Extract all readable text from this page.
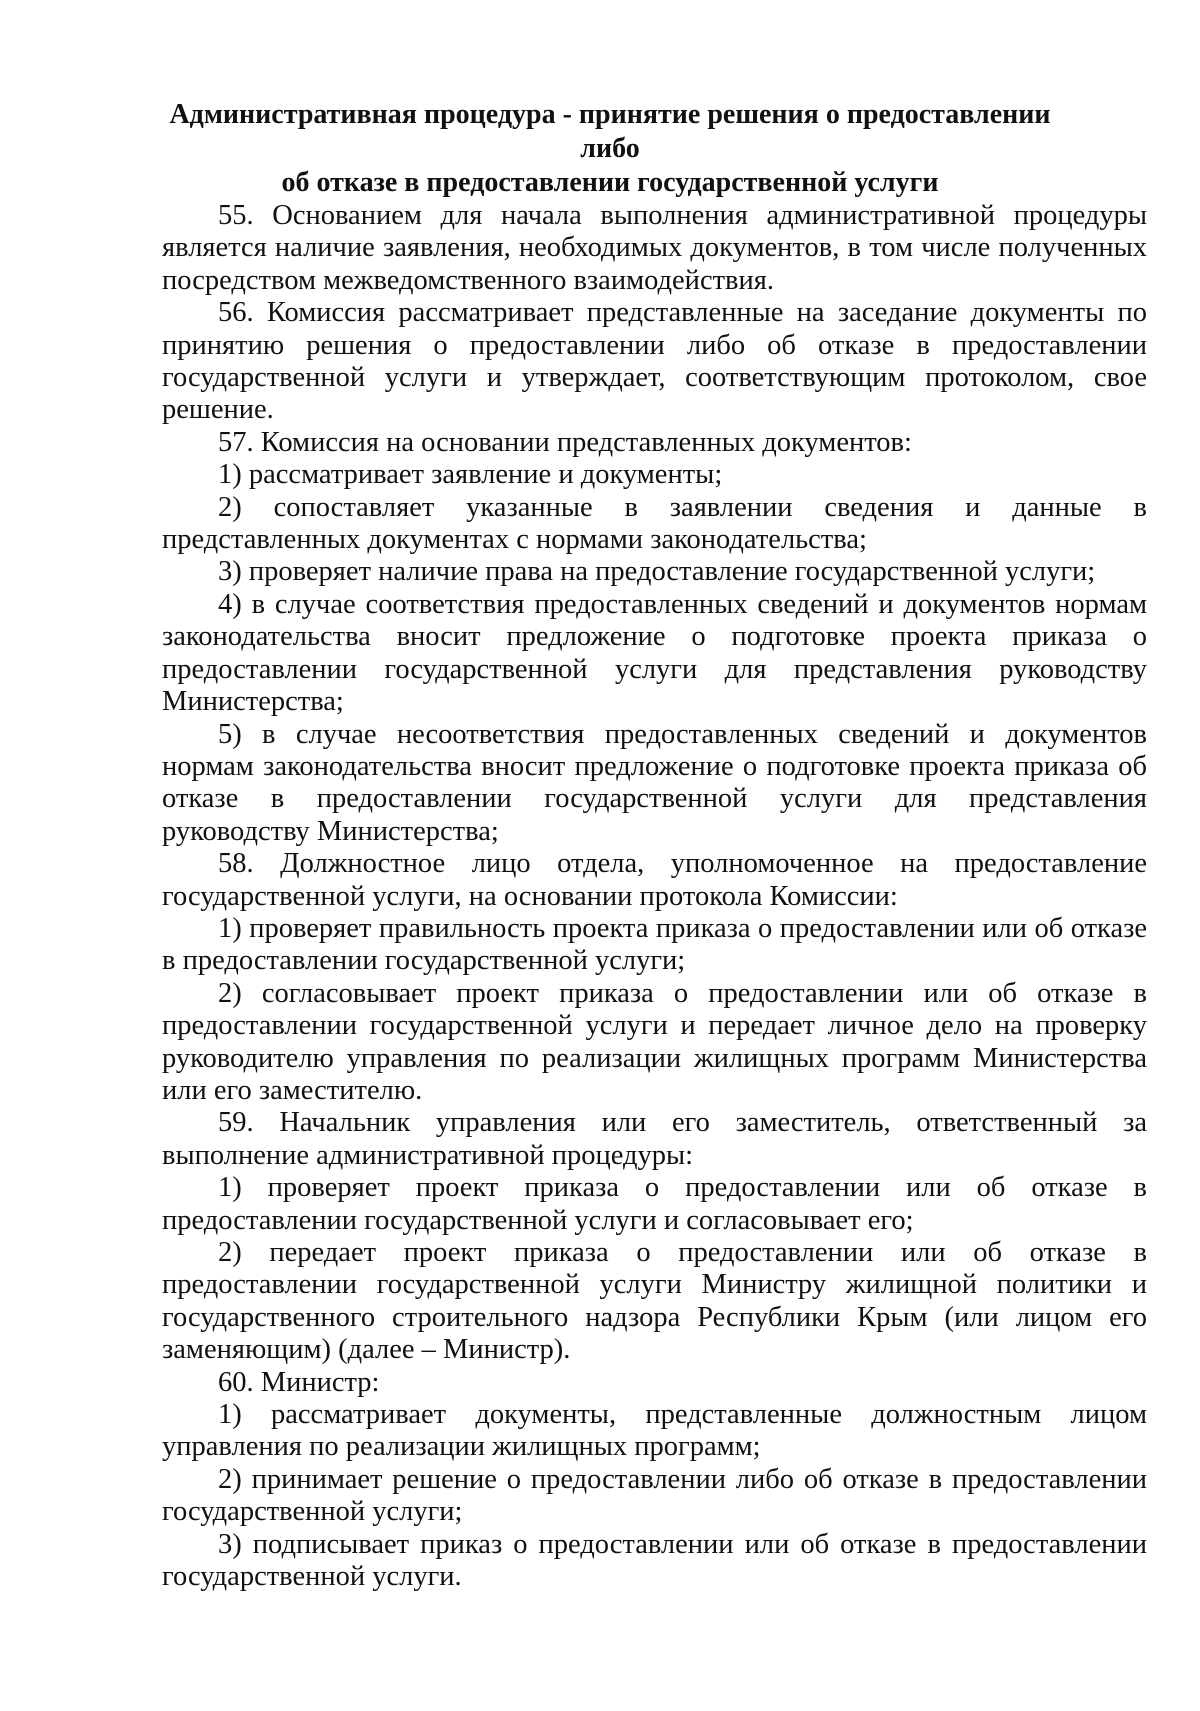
Административная процедура - принятие решения о предоставлении либо
об отказе в предоставлении государственной услуги

55. Основанием для начала выполнения административной процедуры является наличие заявления, необходимых документов, в том числе полученных посредством межведомственного взаимодействия.

56. Комиссия рассматривает представленные на заседание документы по принятию решения о предоставлении либо об отказе в предоставлении государственной услуги и утверждает, соответствующим протоколом, свое решение.

57. Комиссия на основании представленных документов:

1) рассматривает заявление и документы;

2) сопоставляет указанные в заявлении сведения и данные в представленных документах с нормами законодательства;

3) проверяет наличие права на предоставление государственной услуги;

4) в случае соответствия предоставленных сведений и документов нормам законодательства вносит предложение о подготовке проекта приказа о предоставлении государственной услуги для представления руководству Министерства;

5) в случае несоответствия предоставленных сведений и документов нормам законодательства вносит предложение о подготовке проекта приказа об отказе в предоставлении государственной услуги для представления руководству Министерства;

58. Должностное лицо отдела, уполномоченное на предоставление государственной услуги, на основании протокола Комиссии:

1) проверяет правильность проекта приказа о предоставлении или об отказе в предоставлении государственной услуги;

2) согласовывает проект приказа о предоставлении или об отказе в предоставлении государственной услуги и передает личное дело на проверку руководителю управления по реализации жилищных программ Министерства или его заместителю.

59. Начальник управления или его заместитель, ответственный за выполнение административной процедуры:

1) проверяет проект приказа о предоставлении или об отказе в предоставлении государственной услуги и согласовывает его;

2) передает проект приказа о предоставлении или об отказе в предоставлении государственной услуги Министру жилищной политики и государственного строительного надзора Республики Крым (или лицом его заменяющим) (далее – Министр).

60. Министр:

1) рассматривает документы, представленные должностным лицом управления по реализации жилищных программ;

2) принимает решение о предоставлении либо об отказе в предоставлении государственной услуги;

3) подписывает приказ о предоставлении или об отказе в предоставлении государственной услуги.
